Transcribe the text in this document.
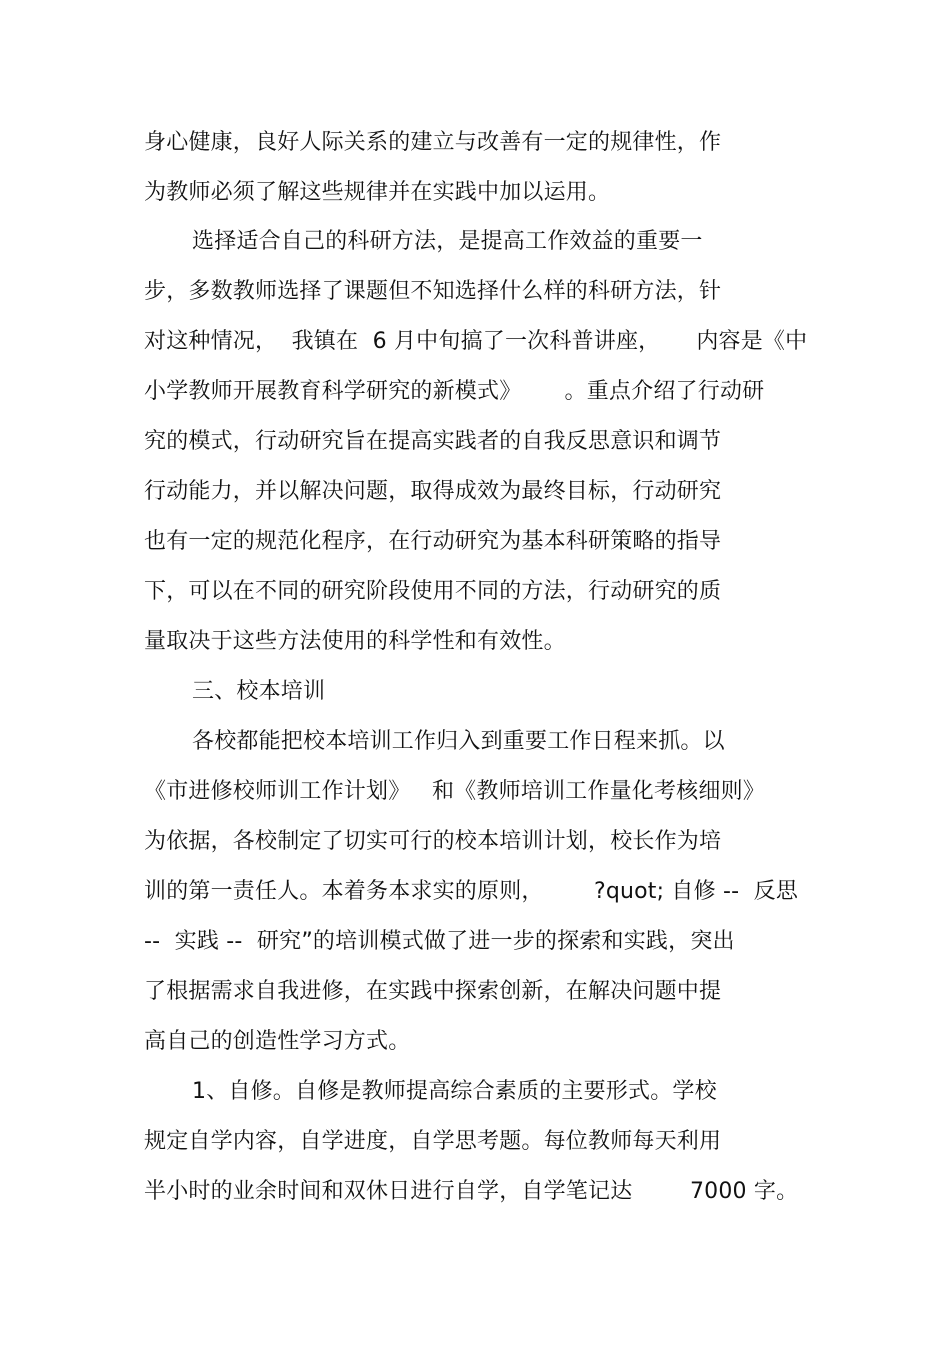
身心健康，良好人际关系的建立与改善有一定的规律性，作
为教师必须了解这些规律并在实践中加以运用。
选择适合自己的科研方法，是提高工作效益的重要一
步，多数教师选择了课题但不知选择什么样的科研方法，针
对这种情况，  我镇在  6 月中旬搞了一次科普讲座，     内容是《中
小学教师开展教育科学研究的新模式》      。重点介绍了行动研
究的模式，行动研究旨在提高实践者的自我反思意识和调节
行动能力，并以解决问题，取得成效为最终目标，行动研究
也有一定的规范化程序，在行动研究为基本科研策略的指导
下，可以在不同的研究阶段使用不同的方法，行动研究的质
量取决于这些方法使用的科学性和有效性。
三、校本培训
各校都能把校本培训工作归入到重要工作日程来抓。以
《市进修校师训工作计划》   和《教师培训工作量化考核细则》
为依据，各校制定了切实可行的校本培训计划，校长作为培
训的第一责任人。本着务本求实的原则，       ?quot; 自修 --  反思
--  实践 --  研究”的培训模式做了进一步的探索和实践，突出
了根据需求自我进修，在实践中探索创新，在解决问题中提
高自己的创造性学习方式。
1、自修。自修是教师提高综合素质的主要形式。学校
规定自学内容，自学进度，自学思考题。每位教师每天利用
半小时的业余时间和双休日进行自学，自学笔记达        7000 字。
